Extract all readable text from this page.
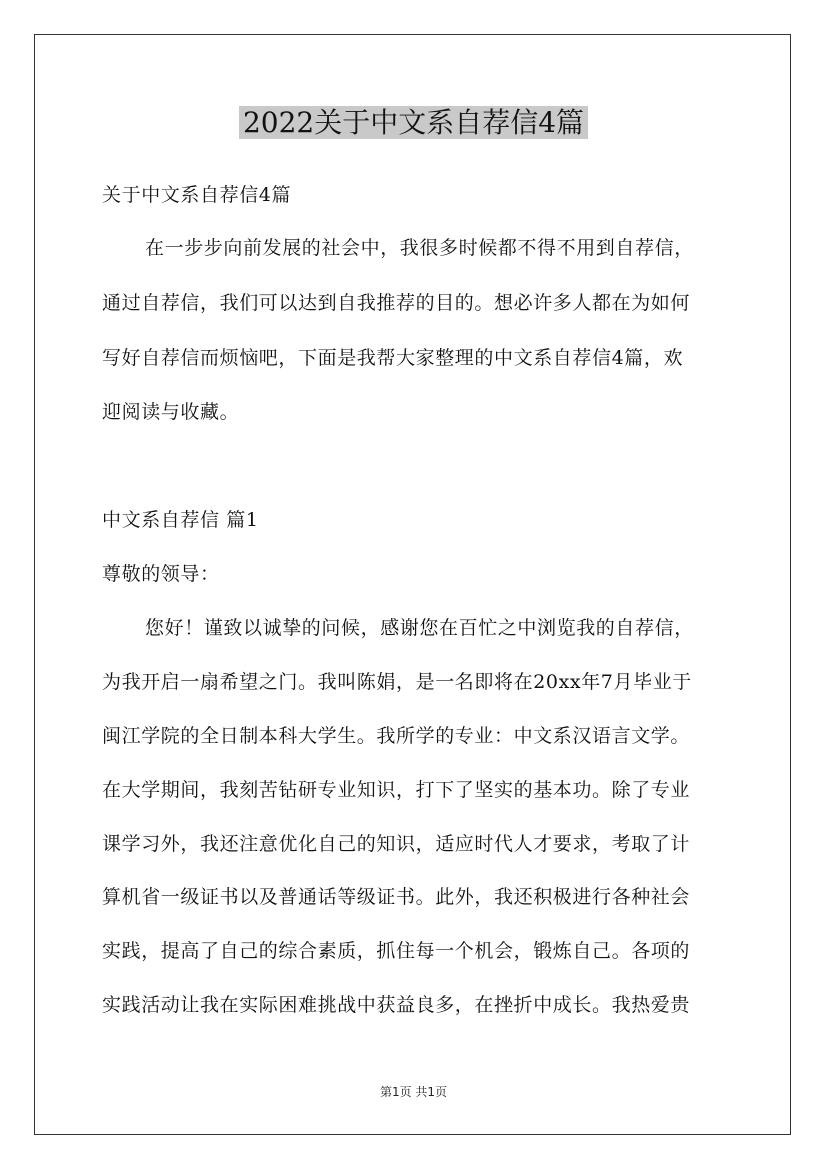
2022关于中文系自荐信4篇
关于中文系自荐信4篇
在一步步向前发展的社会中，我很多时候都不得不用到自荐信，
通过自荐信，我们可以达到自我推荐的目的。想必许多人都在为如何
写好自荐信而烦恼吧，下面是我帮大家整理的中文系自荐信4篇，欢
迎阅读与收藏。
中文系自荐信 篇1
尊敬的领导：
您好！谨致以诚挚的问候，感谢您在百忙之中浏览我的自荐信，
为我开启一扇希望之门。我叫陈娟，是一名即将在20xx年7月毕业于
闽江学院的全日制本科大学生。我所学的专业：中文系汉语言文学。
在大学期间，我刻苦钻研专业知识，打下了坚实的基本功。除了专业
课学习外，我还注意优化自己的知识，适应时代人才要求，考取了计
算机省一级证书以及普通话等级证书。此外，我还积极进行各种社会
实践，提高了自己的综合素质，抓住每一个机会，锻炼自己。各项的
实践活动让我在实际困难挑战中获益良多，在挫折中成长。我热爱贵
第1页 共1页
